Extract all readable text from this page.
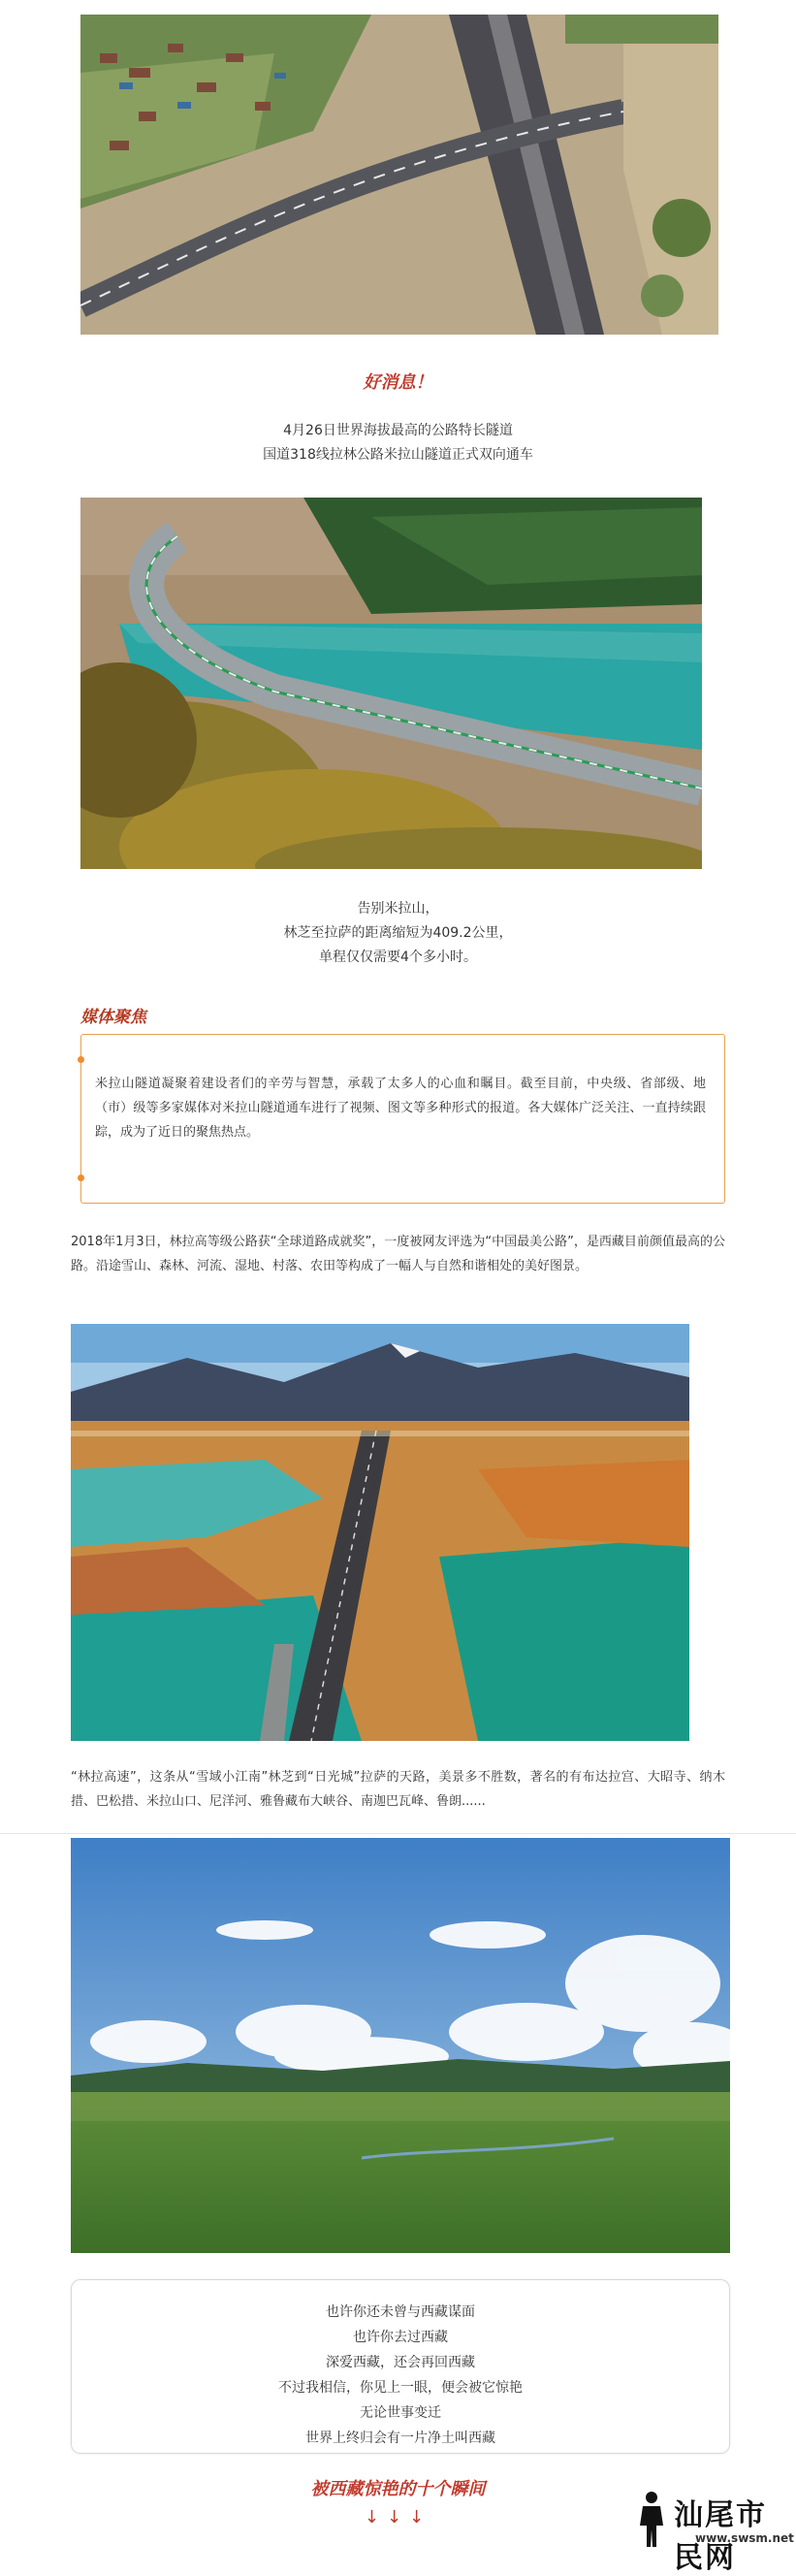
好消息！
4月26日世界海拔最高的公路特长隧道
国道318线拉林公路米拉山隧道正式双向通车
告别米拉山，
林芝至拉萨的距离缩短为409.2公里，
单程仅仅需要4个多小时。
媒体聚焦
米拉山隧道凝聚着建设者们的辛劳与智慧，承载了太多人的心血和瞩目。截至目前，中央级、省部级、地（市）级等多家媒体对米拉山隧道通车进行了视频、图文等多种形式的报道。各大媒体广泛关注、一直持续跟踪，成为了近日的聚焦热点。
2018年1月3日，林拉高等级公路获“全球道路成就奖”，一度被网友评选为“中国最美公路”，是西藏目前颜值最高的公路。沿途雪山、森林、河流、湿地、村落、农田等构成了一幅人与自然和谐相处的美好图景。
“林拉高速”，这条从“雪域小江南”林芝到“日光城”拉萨的天路，美景多不胜数，著名的有布达拉宫、大昭寺、纳木措、巴松措、米拉山口、尼洋河、雅鲁藏布大峡谷、南迦巴瓦峰、鲁朗......
也许你还未曾与西藏谋面
也许你去过西藏
深爱西藏，还会再回西藏
不过我相信，你见上一眼，便会被它惊艳
无论世事变迁
世界上终归会有一片净土叫西藏
被西藏惊艳的十个瞬间
↓↓↓	汕尾市民网
www.swsm.net
